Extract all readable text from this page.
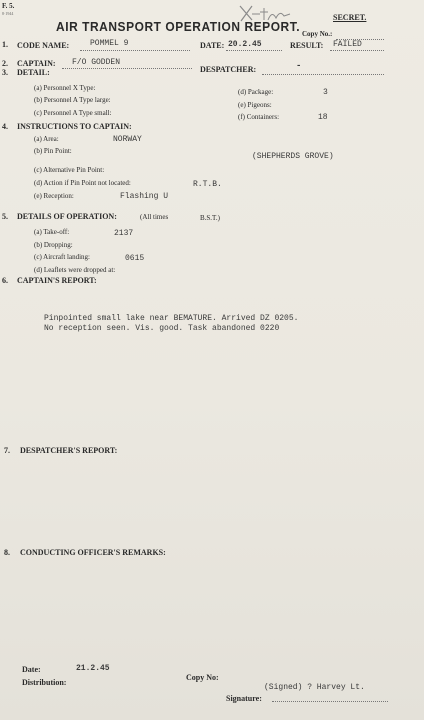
F. 5.
8·1944	SECRET.
AIR TRANSPORT OPERATION REPORT. Copy No.:
1. CODE NAME:	POMMEL 9	DATE: 20.2.45	RESULT: FAILED
2. CAPTAIN: F/O GODDEN
DESPATCHER:	-
3. DETAIL:
(a) Personnel X Type:
(b) Personnel A Type large:
(c) Personnel A Type small:
(d) Package:	3
(e) Pigeons:
(f) Containers:	18
4. INSTRUCTIONS TO CAPTAIN:
(a) Area:	NORWAY
(b) Pin Point:
(SHEPHERDS GROVE)
(c) Alternative Pin Point:
(d) Action if Pin Point not located:	R.T.B.
(e) Reception:	Flashing U
5. DETAILS OF OPERATION:	(All times	B.S.T.)
(a) Take-off:	2137
(b) Dropping:
(c) Aircraft landing:	0615
(d) Leaflets were dropped at:
6. CAPTAIN'S REPORT:
Pinpointed small lake near BEMATURE. Arrived DZ 0205.
No reception seen. Vis. good. Task abandoned 0220
7. DESPATCHER'S REPORT:
8. CONDUCTING OFFICER'S REMARKS:
Date:	21.2.45
Distribution:
Copy No:
(Signed) ? Harvey Lt.
Signature:
